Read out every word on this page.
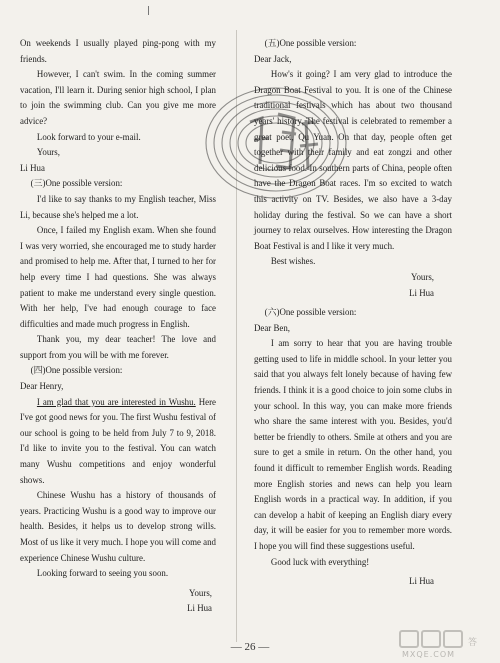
On weekends I usually played ping-pong with my friends.

However, I can't swim. In the coming summer vacation, I'll learn it. During senior high school, I plan to join the swimming club. Can you give me more advice?

Look forward to your e-mail.

Yours,

Li Hua

(三)One possible version:

I'd like to say thanks to my English teacher, Miss Li, because she's helped me a lot.

Once, I failed my English exam. When she found I was very worried, she encouraged me to study harder and promised to help me. After that, I turned to her for help every time I had questions. She was always patient to make me understand every single question. With her help, I've had enough courage to face difficulties and made much progress in English.

Thank you, my dear teacher! The love and support from you will be with me forever.

(四)One possible version:

Dear Henry,

I am glad that you are interested in Wushu. Here I've got good news for you. The first Wushu festival of our school is going to be held from July 7 to 9, 2018. I'd like to invite you to the festival. You can watch many Wushu competitions and enjoy wonderful shows.

Chinese Wushu has a history of thousands of years. Practicing Wushu is a good way to improve our health. Besides, it helps us to develop strong wills. Most of us like it very much. I hope you will come and experience Chinese Wushu culture.

Looking forward to seeing you soon.

Yours,

Li Hua

(五)One possible version:

Dear Jack,

How's it going? I am very glad to introduce the Dragon Boat Festival to you. It is one of the Chinese traditional festivals which has about two thousand years' history. The festival is celebrated to remember a great poet, Qu Yuan. On that day, people often get together with their family and eat zongzi and other delicious food. In southern parts of China, people often have the Dragon Boat races. I'm so excited to watch this activity on TV. Besides, we also have a 3-day holiday during the festival. So we can have a short journey to relax ourselves. How interesting the Dragon Boat Festival is and I like it very much.

Best wishes.

Yours,

Li Hua

(六)One possible version:

Dear Ben,

I am sorry to hear that you are having trouble getting used to life in middle school. In your letter you said that you always felt lonely because of having few friends. I think it is a good choice to join some clubs in your school. In this way, you can make more friends who share the same interest with you. Besides, you'd better be friendly to others. Smile at others and you are sure to get a smile in return. On the other hand, you found it difficult to remember English words. Reading more English stories and news can help you learn English words in a practical way. In addition, if you can develop a habit of keeping an English diary every day, it will be easier for you to remember more words. I hope you will find these suggestions useful.

Good luck with everything!

Li Hua

答
MXQE.COM
— 26 —
